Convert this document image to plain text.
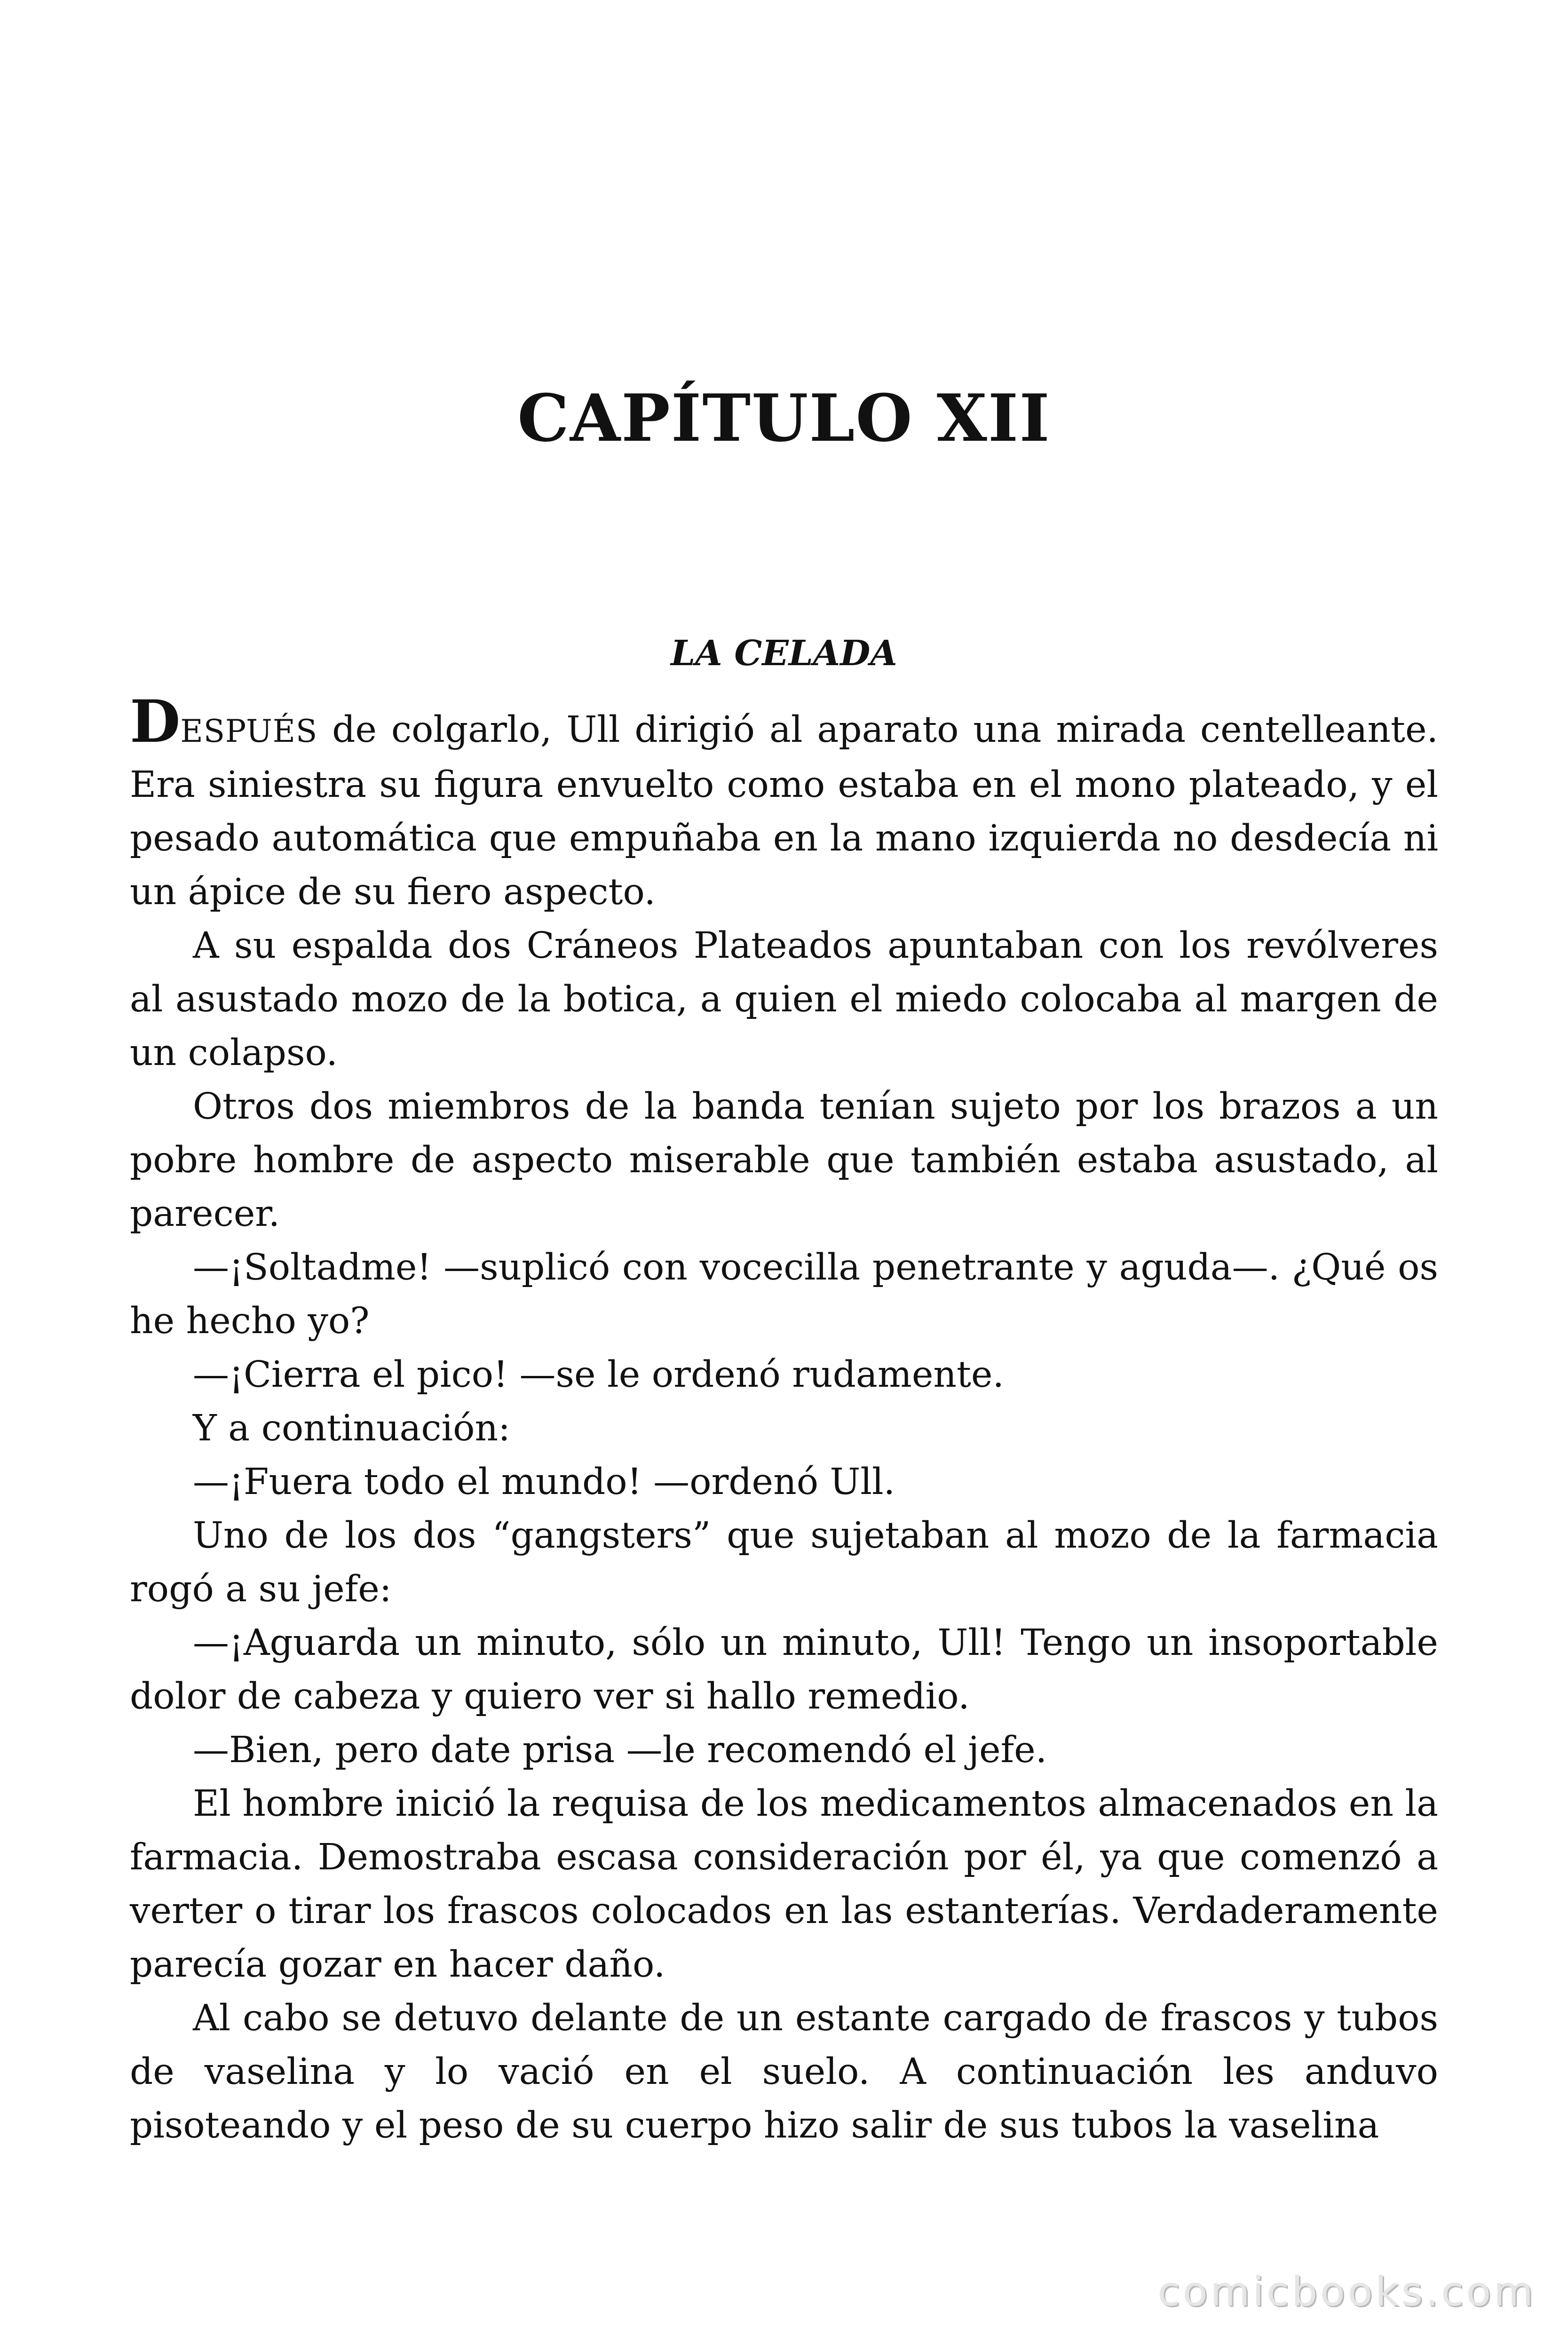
CAPÍTULO XII
LA CELADA

DESPUÉS de colgarlo, Ull dirigió al aparato una mirada centelleante. Era siniestra su figura envuelto como estaba en el mono plateado, y el pesado automática que empuñaba en la mano izquierda no desdecía ni un ápice de su fiero aspecto.

A su espalda dos Cráneos Plateados apuntaban con los revólveres al asustado mozo de la botica, a quien el miedo colocaba al margen de un colapso.

Otros dos miembros de la banda tenían sujeto por los brazos a un pobre hombre de aspecto miserable que también estaba asustado, al parecer.

—¡Soltadme! —suplicó con vocecilla penetrante y aguda—. ¿Qué os he hecho yo?

—¡Cierra el pico! —se le ordenó rudamente.

Y a continuación:

—¡Fuera todo el mundo! —ordenó Ull.

Uno de los dos “gangsters” que sujetaban al mozo de la farmacia rogó a su jefe:

—¡Aguarda un minuto, sólo un minuto, Ull! Tengo un insoportable dolor de cabeza y quiero ver si hallo remedio.

—Bien, pero date prisa —le recomendó el jefe.

El hombre inició la requisa de los medicamentos almacenados en la farmacia. Demostraba escasa consideración por él, ya que comenzó a verter o tirar los frascos colocados en las estanterías. Verdaderamente parecía gozar en hacer daño.

Al cabo se detuvo delante de un estante cargado de frascos y tubos de vaselina y lo vació en el suelo. A continuación les anduvo pisoteando y el peso de su cuerpo hizo salir de sus tubos la vaselina

comicbooks.com
